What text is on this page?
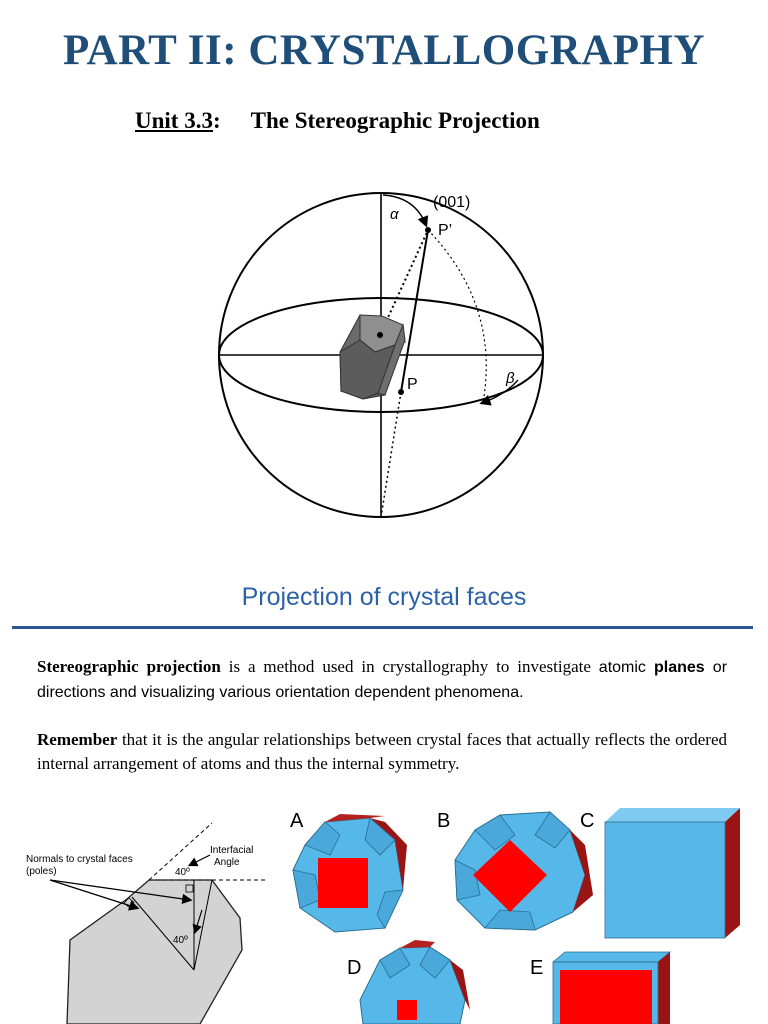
PART II: CRYSTALLOGRAPHY
Unit 3.3: The Stereographic Projection
(001)
α
P’
P	β
Projection of crystal faces
Stereographic projection is a method used in crystallography to investigate atomic planes or directions and visualizing various orientation dependent phenomena.
Remember that it is the angular relationships between crystal faces that actually reflects the ordered internal arrangement of atoms and thus the internal symmetry.
Normals to crystal faces
(poles)
Interfacial
Angle
40º
40º
A	B	C
D	E
